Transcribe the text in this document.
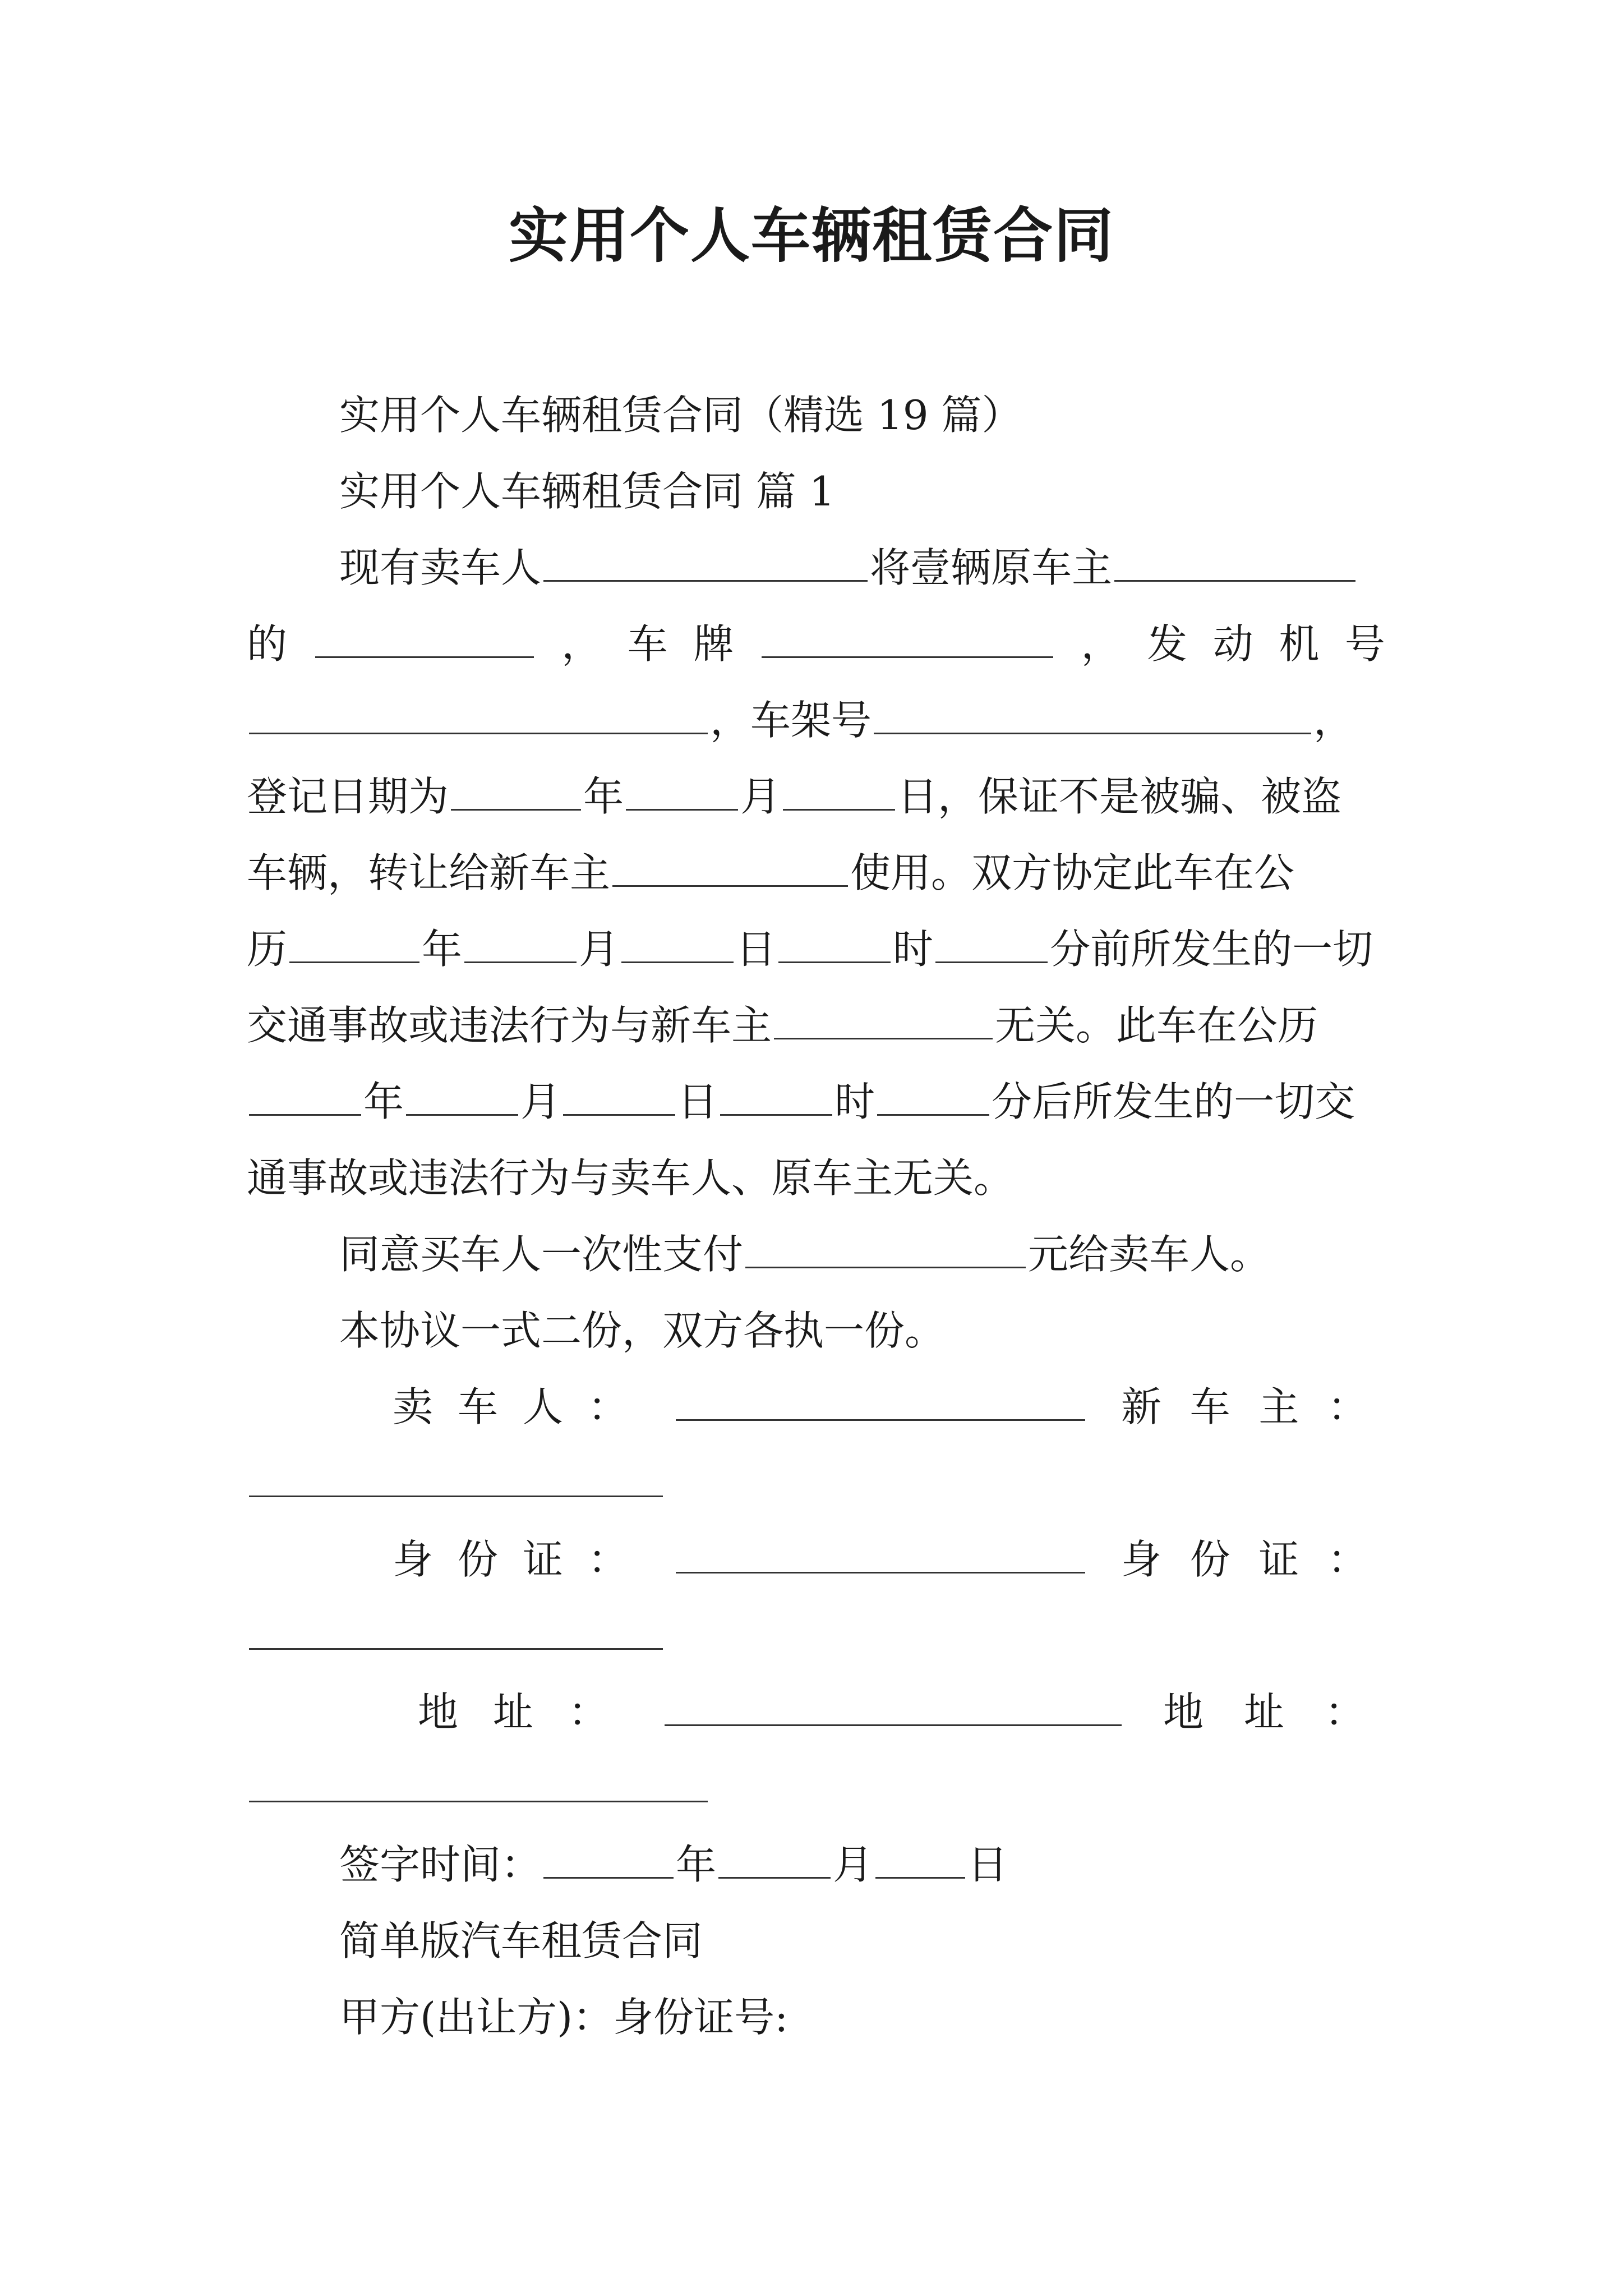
实用个人车辆租赁合同
实用个人车辆租赁合同（精选 19 篇）
实用个人车辆租赁合同 篇 1
现有卖车人	将壹辆原车主
的	， 车 牌	， 发 动 机 号
，车架号	，
登记日期为	年	月	日，保证不是被骗、被盗
车辆，转让给新车主	使用。双方协定此车在公
历	年	月	日	时	分前所发生的一切
交通事故或违法行为与新车主	无关。此车在公历
年	月	日	时	分后所发生的一切交
通事故或违法行为与卖车人、原车主无关。
同意买车人一次性支付	元给卖车人。
本协议一式二份，双方各执一份。
卖 车 人 ：	新 车 主 ：
身 份 证 ：	身 份 证 ：
地 址 ：	地 址 ：
签字时间：	年	月 日
简单版汽车租赁合同
甲方(出让方)：身份证号:
